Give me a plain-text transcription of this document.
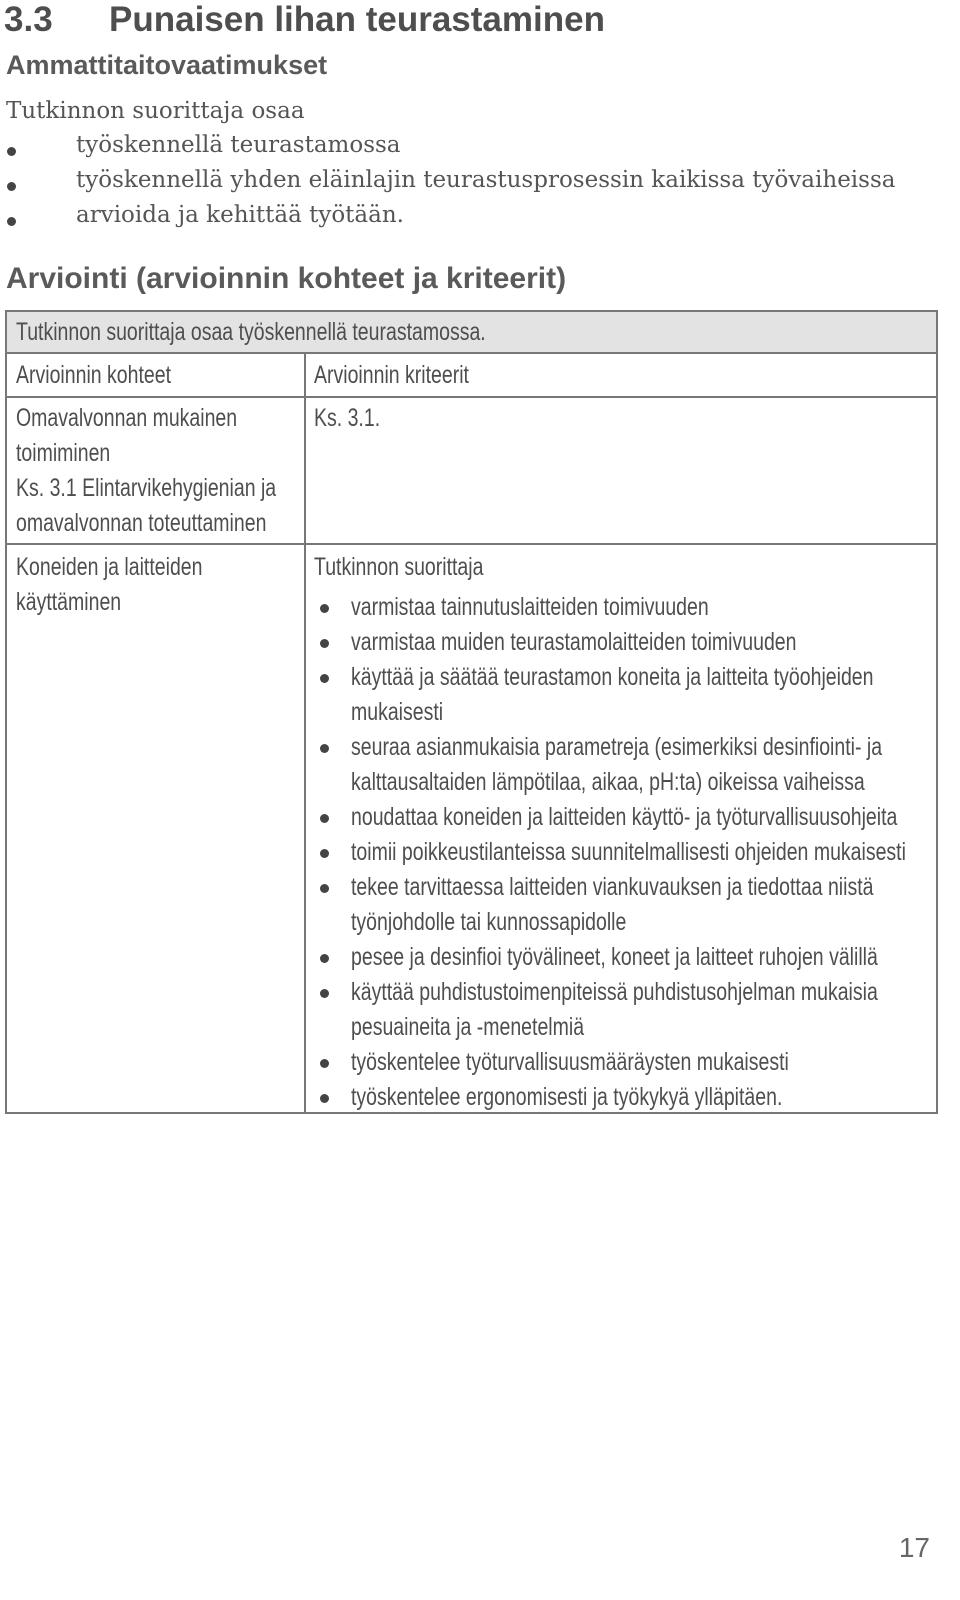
3.3 Punaisen lihan teurastaminen
Ammattitaitovaatimukset
Tutkinnon suorittaja osaa
työskennellä teurastamossa
työskennellä yhden eläinlajin teurastusprosessin kaikissa työvaiheissa
arvioida ja kehittää työtään.
Arviointi (arvioinnin kohteet ja kriteerit)
Tutkinnon suorittaja osaa työskennellä teurastamossa.
Arvioinnin kohteet	Arvioinnin kriteerit
Omavalvonnan mukainen
toimiminen
Ks. 3.1 Elintarvikehygienian ja
omavalvonnan toteuttaminen
Ks. 3.1.
Koneiden ja laitteiden
käyttäminen
Tutkinnon suorittaja
varmistaa tainnutuslaitteiden toimivuuden
varmistaa muiden teurastamolaitteiden toimivuuden
käyttää ja säätää teurastamon koneita ja laitteita työohjeiden
mukaisesti
seuraa asianmukaisia parametreja (esimerkiksi desinfiointi- ja
kalttausaltaiden lämpötilaa, aikaa, pH:ta) oikeissa vaiheissa
noudattaa koneiden ja laitteiden käyttö- ja työturvallisuusohjeita
toimii poikkeustilanteissa suunnitelmallisesti ohjeiden mukaisesti
tekee tarvittaessa laitteiden viankuvauksen ja tiedottaa niistä
työnjohdolle tai kunnossapidolle
pesee ja desinfioi työvälineet, koneet ja laitteet ruhojen välillä
käyttää puhdistustoimenpiteissä puhdistusohjelman mukaisia
pesuaineita ja -menetelmiä
työskentelee työturvallisuusmääräysten mukaisesti
työskentelee ergonomisesti ja työkykyä ylläpitäen.
17
